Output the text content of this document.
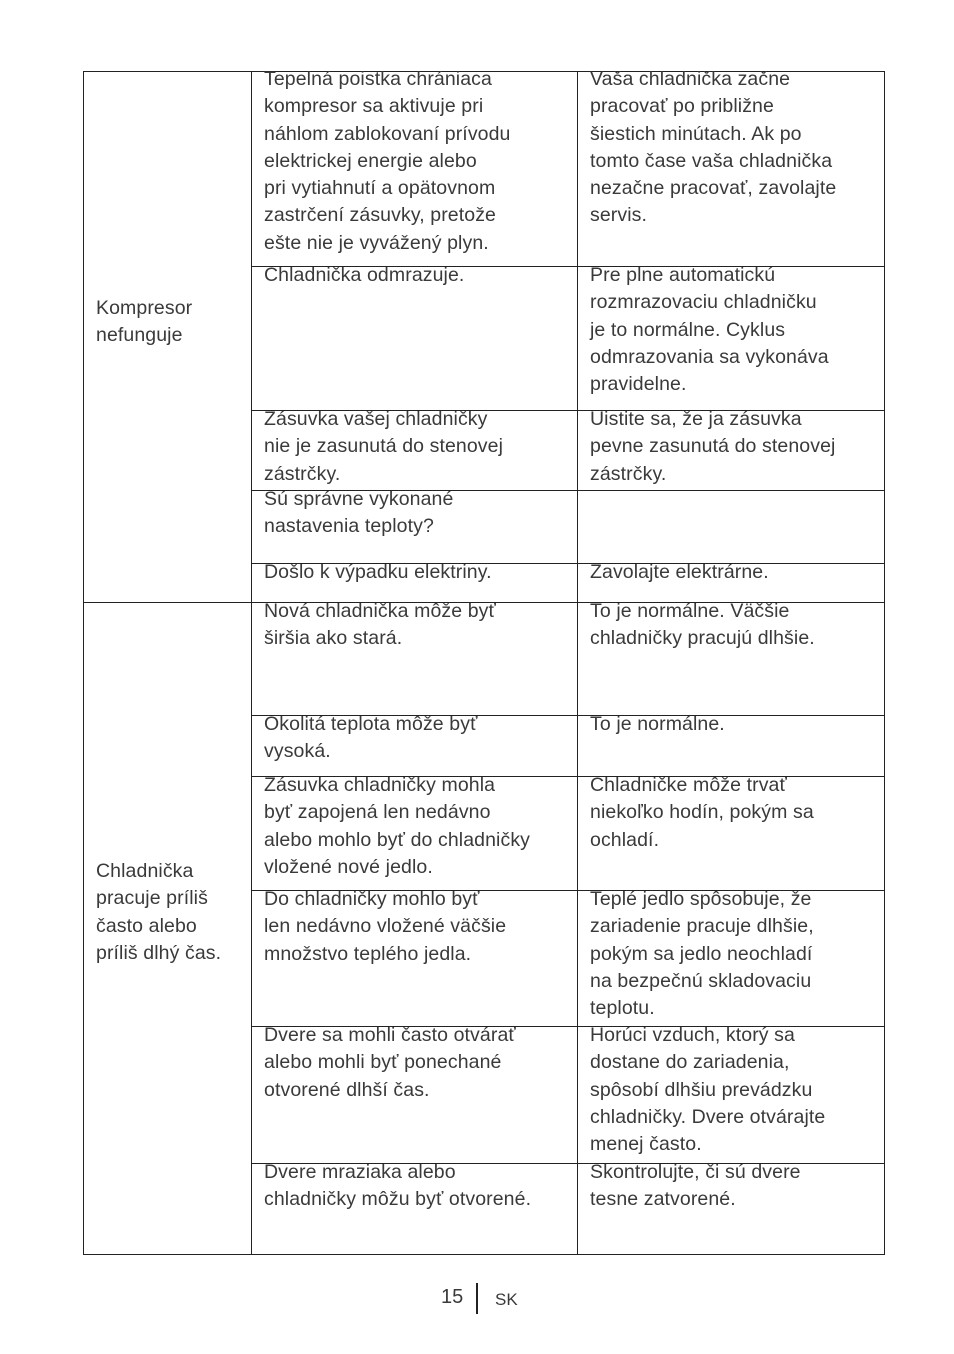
Kompresor
nefunguje
Tepelná poistka chrániaca
kompresor sa aktivuje pri
náhlom zablokovaní prívodu
elektrickej energie alebo
pri vytiahnutí a opätovnom
zastrčení zásuvky, pretože
ešte nie je vyvážený plyn.
Vaša chladnička začne
pracovať po približne
šiestich minútach. Ak po
tomto čase vaša chladnička
nezačne pracovať, zavolajte
servis.
Chladnička odmrazuje.	Pre plne automatickú
rozmrazovaciu chladničku
je to normálne. Cyklus
odmrazovania sa vykonáva
pravidelne.
Zásuvka vašej chladničky
nie je zasunutá do stenovej
zástrčky.
Uistite sa, že ja zásuvka
pevne zasunutá do stenovej
zástrčky.
Sú správne vykonané
nastavenia teploty?
Došlo k výpadku elektriny.	Zavolajte elektrárne.
Chladnička
pracuje príliš
často alebo
príliš dlhý čas.
Nová chladnička môže byť
širšia ako stará.
To je normálne. Väčšie
chladničky pracujú dlhšie.
Okolitá teplota môže byť
vysoká.
To je normálne.
Zásuvka chladničky mohla
byť zapojená len nedávno
alebo mohlo byť do chladničky
vložené nové jedlo.
Chladničke môže trvať
niekoľko hodín, pokým sa
ochladí.
Do chladničky mohlo byť
len nedávno vložené väčšie
množstvo teplého jedla.
Teplé jedlo spôsobuje, že
zariadenie pracuje dlhšie,
pokým sa jedlo neochladí
na bezpečnú skladovaciu
teplotu.
Dvere sa mohli často otvárať
alebo mohli byť ponechané
otvorené dlhší čas.
Horúci vzduch, ktorý sa
dostane do zariadenia,
spôsobí dlhšiu prevádzku
chladničky. Dvere otvárajte
menej často.
Dvere mraziaka alebo
chladničky môžu byť otvorené.
Skontrolujte, či sú dvere
tesne zatvorené.
15 SK
